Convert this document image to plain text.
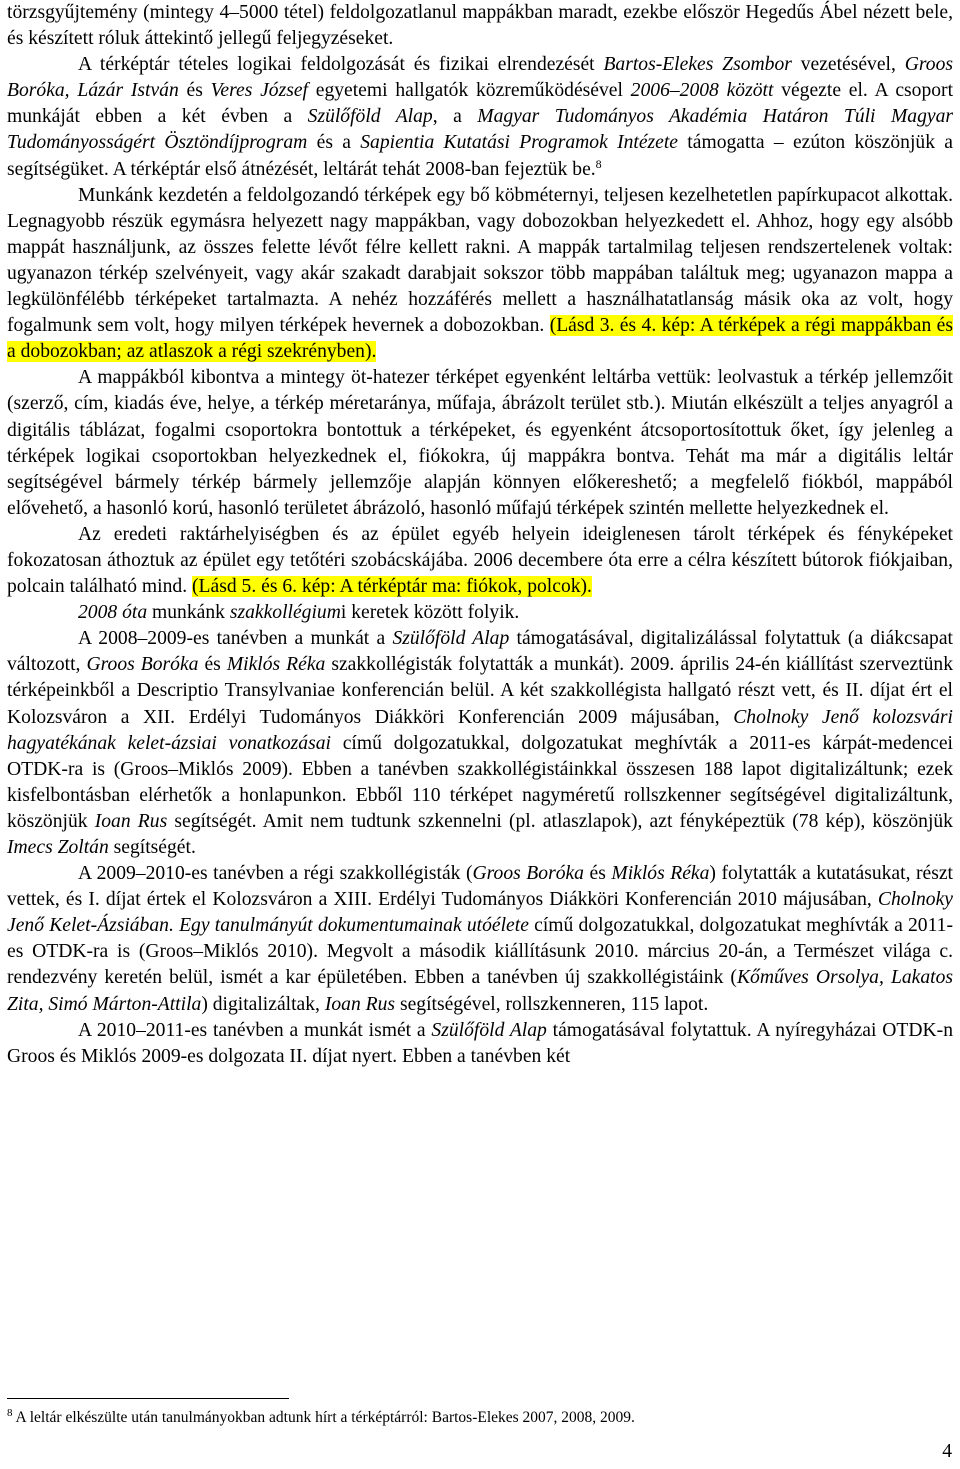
törzsgyűjtemény (mintegy 4–5000 tétel) feldolgozatlanul mappákban maradt, ezekbe először Hegedűs Ábel nézett bele, és készített róluk áttekintő jellegű feljegyzéseket.

A térképtár tételes logikai feldolgozását és fizikai elrendezését Bartos-Elekes Zsombor vezetésével, Groos Boróka, Lázár István és Veres József egyetemi hallgatók közreműködésével 2006–2008 között végezte el. A csoport munkáját ebben a két évben a Szülőföld Alap, a Magyar Tudományos Akadémia Határon Túli Magyar Tudományosságért Ösztöndíjprogram és a Sapientia Kutatási Programok Intézete támogatta – ezúton köszönjük a segítségüket. A térképtár első átnézését, leltárát tehát 2008-ban fejeztük be.$^8$

Munkánk kezdetén a feldolgozandó térképek egy bő köbméternyi, teljesen kezelhetetlen papírkupacot alkottak. Legnagyobb részük egymásra helyezett nagy mappákban, vagy dobozokban helyezkedett el. Ahhoz, hogy egy alsóbb mappát használjunk, az összes felette lévőt félre kellett rakni. A mappák tartalmilag teljesen rendszertelenek voltak: ugyanazon térkép szelvényeit, vagy akár szakadt darabjait sokszor több mappában találtuk meg; ugyanazon mappa a legkülönfélébb térképeket tartalmazta. A nehéz hozzáférés mellett a használhatatlanság másik oka az volt, hogy fogalmunk sem volt, hogy milyen térképek hevernek a dobozokban. (Lásd 3. és 4. kép: A térképek a régi mappákban és a dobozokban; az atlaszok a régi szekrényben).

A mappákból kibontva a mintegy öt-hatezer térképet egyenként leltárba vettük: leolvastuk a térkép jellemzőit (szerző, cím, kiadás éve, helye, a térkép méretaránya, műfaja, ábrázolt terület stb.). Miután elkészült a teljes anyagról a digitális táblázat, fogalmi csoportokra bontottuk a térképeket, és egyenként átcsoportosítottuk őket, így jelenleg a térképek logikai csoportokban helyezkednek el, fiókokra, új mappákra bontva. Tehát ma már a digitális leltár segítségével bármely térkép bármely jellemzője alapján könnyen előkereshető; a megfelelő fiókból, mappából elővehető, a hasonló korú, hasonló területet ábrázoló, hasonló műfajú térképek szintén mellette helyezkednek el.

Az eredeti raktárhelyiségben és az épület egyéb helyein ideiglenesen tárolt térképek és fényképeket fokozatosan áthoztuk az épület egy tetőtéri szobácskájába. 2006 decembere óta erre a célra készített bútorok fiókjaiban, polcain található mind. (Lásd 5. és 6. kép: A térképtár ma: fiókok, polcok).

2008 óta munkánk szakkollégiumi keretek között folyik.

A 2008–2009-es tanévben a munkát a Szülőföld Alap támogatásával, digitalizálással folytattuk (a diákcsapat változott, Groos Boróka és Miklós Réka szakkollégisták folytatták a munkát). 2009. április 24-én kiállítást szerveztünk térképeinkből a Descriptio Transylvaniae konferencián belül. A két szakkollégista hallgató részt vett, és II. díjat ért el Kolozsváron a XII. Erdélyi Tudományos Diákköri Konferencián 2009 májusában, Cholnoky Jenő kolozsvári hagyatékának kelet-ázsiai vonatkozásai című dolgozatukkal, dolgozatukat meghívták a 2011-es kárpát-medencei OTDK-ra is (Groos–Miklós 2009). Ebben a tanévben szakkollégistáinkkal összesen 188 lapot digitalizáltunk; ezek kisfelbontásban elérhetők a honlapunkon. Ebből 110 térképet nagyméretű rollszkenner segítségével digitalizáltunk, köszönjük Ioan Rus segítségét. Amit nem tudtunk szkennelni (pl. atlaszlapok), azt fényképeztük (78 kép), köszönjük Imecs Zoltán segítségét.

A 2009–2010-es tanévben a régi szakkollégisták (Groos Boróka és Miklós Réka) folytatták a kutatásukat, részt vettek, és I. díjat értek el Kolozsváron a XIII. Erdélyi Tudományos Diákköri Konferencián 2010 májusában, Cholnoky Jenő Kelet-Ázsiában. Egy tanulmányút dokumentumainak utóélete című dolgozatukkal, dolgozatukat meghívták a 2011-es OTDK-ra is (Groos–Miklós 2010). Megvolt a második kiállításunk 2010. március 20-án, a Természet világa c. rendezvény keretén belül, ismét a kar épületében. Ebben a tanévben új szakkollégistáink (Kőműves Orsolya, Lakatos Zita, Simó Márton-Attila) digitalizáltak, Ioan Rus segítségével, rollszkenneren, 115 lapot.

A 2010–2011-es tanévben a munkát ismét a Szülőföld Alap támogatásával folytattuk. A nyíregyházai OTDK-n Groos és Miklós 2009-es dolgozata II. díjat nyert. Ebben a tanévben két

$^8$ A leltár elkészülte után tanulmányokban adtunk hírt a térképtárról: Bartos-Elekes 2007, 2008, 2009.
4
